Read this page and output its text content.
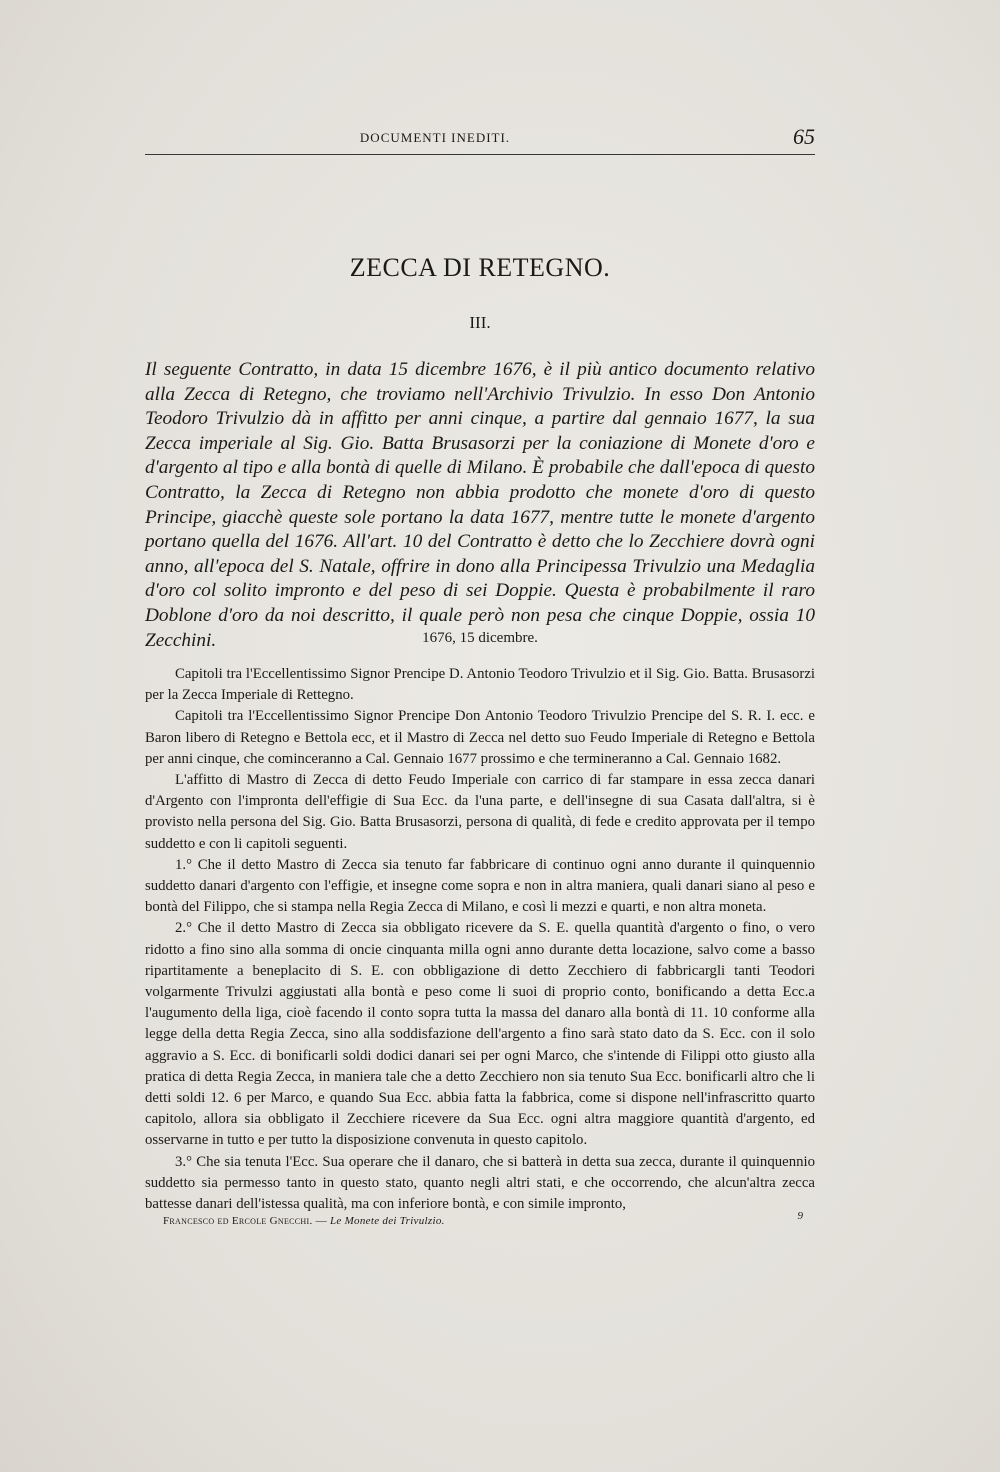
DOCUMENTI INEDITI.	65
ZECCA DI RETEGNO.
III.
Il seguente Contratto, in data 15 dicembre 1676, è il più antico documento relativo alla Zecca di Retegno, che troviamo nell'Archivio Trivulzio. In esso Don Antonio Teodoro Trivulzio dà in affitto per anni cinque, a partire dal gennaio 1677, la sua Zecca imperiale al Sig. Gio. Batta Brusasorzi per la coniazione di Monete d'oro e d'argento al tipo e alla bontà di quelle di Milano. È probabile che dall'epoca di questo Contratto, la Zecca di Retegno non abbia prodotto che monete d'oro di questo Principe, giacchè queste sole portano la data 1677, mentre tutte le monete d'argento portano quella del 1676. All'art. 10 del Contratto è detto che lo Zecchiere dovrà ogni anno, all'epoca del S. Natale, offrire in dono alla Principessa Trivulzio una Medaglia d'oro col solito impronto e del peso di sei Doppie. Questa è probabilmente il raro Doblone d'oro da noi descritto, il quale però non pesa che cinque Doppie, ossia 10 Zecchini.	1676, 15 dicembre.

Capitoli tra l'Eccellentissimo Signor Prencipe D. Antonio Teodoro Trivulzio et il Sig. Gio. Batta. Brusasorzi per la Zecca Imperiale di Rettegno.

Capitoli tra l'Eccellentissimo Signor Prencipe Don Antonio Teodoro Trivulzio Prencipe del S. R. I. ecc. e Baron libero di Retegno e Bettola ecc, et il Mastro di Zecca nel detto suo Feudo Imperiale di Retegno e Bettola per anni cinque, che cominceranno a Cal. Gennaio 1677 prossimo e che termineranno a Cal. Gennaio 1682.

L'affitto di Mastro di Zecca di detto Feudo Imperiale con carrico di far stampare in essa zecca danari d'Argento con l'impronta dell'effigie di Sua Ecc. da l'una parte, e dell'insegne di sua Casata dall'altra, si è provisto nella persona del Sig. Gio. Batta Brusasorzi, persona di qualità, di fede e credito approvata per il tempo suddetto e con li capitoli seguenti.

1.° Che il detto Mastro di Zecca sia tenuto far fabbricare di continuo ogni anno durante il quinquennio suddetto danari d'argento con l'effigie, et insegne come sopra e non in altra maniera, quali danari siano al peso e bontà del Filippo, che si stampa nella Regia Zecca di Milano, e così li mezzi e quarti, e non altra moneta.

2.° Che il detto Mastro di Zecca sia obbligato ricevere da S. E. quella quantità d'argento o fino, o vero ridotto a fino sino alla somma di oncie cinquanta milla ogni anno durante detta locazione, salvo come a basso ripartitamente a beneplacito di S. E. con obbligazione di detto Zecchiero di fabbricargli tanti Teodori volgarmente Trivulzi aggiustati alla bontà e peso come li suoi di proprio conto, bonificando a detta Ecc.a l'augumento della liga, cioè facendo il conto sopra tutta la massa del danaro alla bontà di 11. 10 conforme alla legge della detta Regia Zecca, sino alla soddisfazione dell'argento a fino sarà stato dato da S. Ecc. con il solo aggravio a S. Ecc. di bonificarli soldi dodici danari sei per ogni Marco, che s'intende di Filippi otto giusto alla pratica di detta Regia Zecca, in maniera tale che a detto Zecchiero non sia tenuto Sua Ecc. bonificarli altro che li detti soldi 12. 6 per Marco, e quando Sua Ecc. abbia fatta la fabbrica, come si dispone nell'infrascritto quarto capitolo, allora sia obbligato il Zecchiere ricevere da Sua Ecc. ogni altra maggiore quantità d'argento, ed osservarne in tutto e per tutto la disposizione convenuta in questo capitolo.

3.° Che sia tenuta l'Ecc. Sua operare che il danaro, che si batterà in detta sua zecca, durante il quinquennio suddetto sia permesso tanto in questo stato, quanto negli altri stati, e che occorrendo, che alcun'altra zecca battesse danari dell'istessa qualità, ma con inferiore bontà, e con simile impronto,

Francesco ed Ercole Gnecchi. — Le Monete dei Trivulzio.	9
